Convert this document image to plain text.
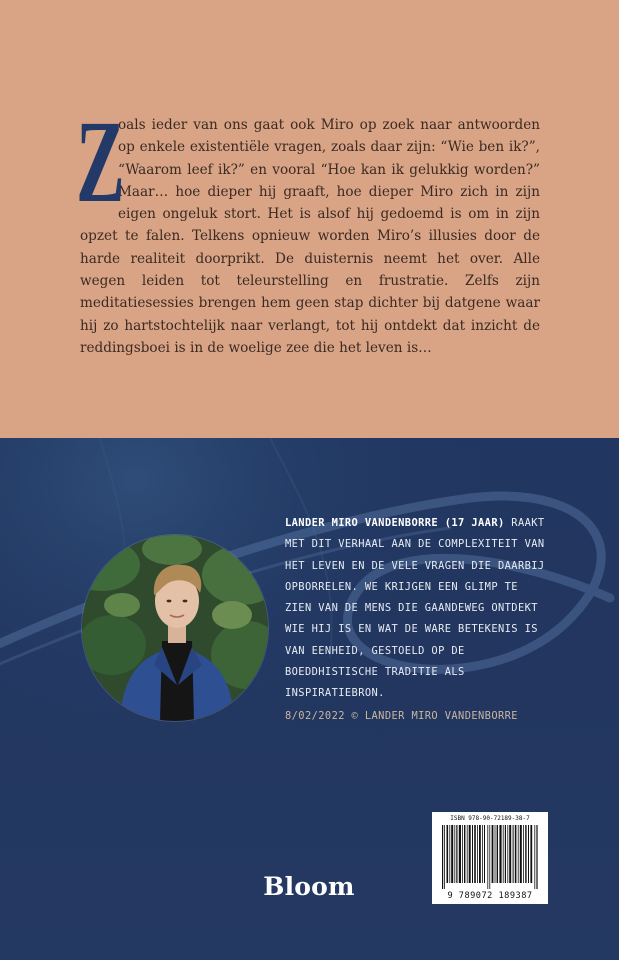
Z
oals ieder van ons gaat ook Miro op zoek naar antwoorden op enkele existentiële vragen, zoals daar zijn: “Wie ben ik?”, “Waarom leef ik?” en vooral “Hoe kan ik gelukkig worden?” Maar… hoe dieper hij graaft, hoe dieper Miro zich in zijn eigen ongeluk stort. Het is alsof hij gedoemd is om in zijn opzet te falen. Telkens opnieuw worden Miro’s illusies door de harde realiteit doorprikt. De duisternis neemt het over. Alle wegen leiden tot teleurstelling en frustratie. Zelfs zijn meditatiesessies brengen hem geen stap dichter bij datgene waar hij zo hartstochtelijk naar verlangt, tot hij ontdekt dat inzicht de reddingsboei is in de woelige zee die het leven is…

LANDER MIRO VANDENBORRE (17 JAAR) RAAKT MET DIT VERHAAL AAN DE COMPLEXITEIT VAN HET LEVEN EN DE VELE VRAGEN DIE DAARBIJ OPBORRELEN. WE KRIJGEN EEN GLIMP TE ZIEN VAN DE MENS DIE GAANDEWEG ONTDEKT WIE HIJ IS EN WAT DE WARE BETEKENIS IS VAN EENHEID, GESTOELD OP DE BOEDDHISTISCHE TRADITIE ALS INSPIRATIEBRON.

8/02/2022 © LANDER MIRO VANDENBORRE
ISBN 978-90-72189-38-7
9 789072 189387
Bloom
